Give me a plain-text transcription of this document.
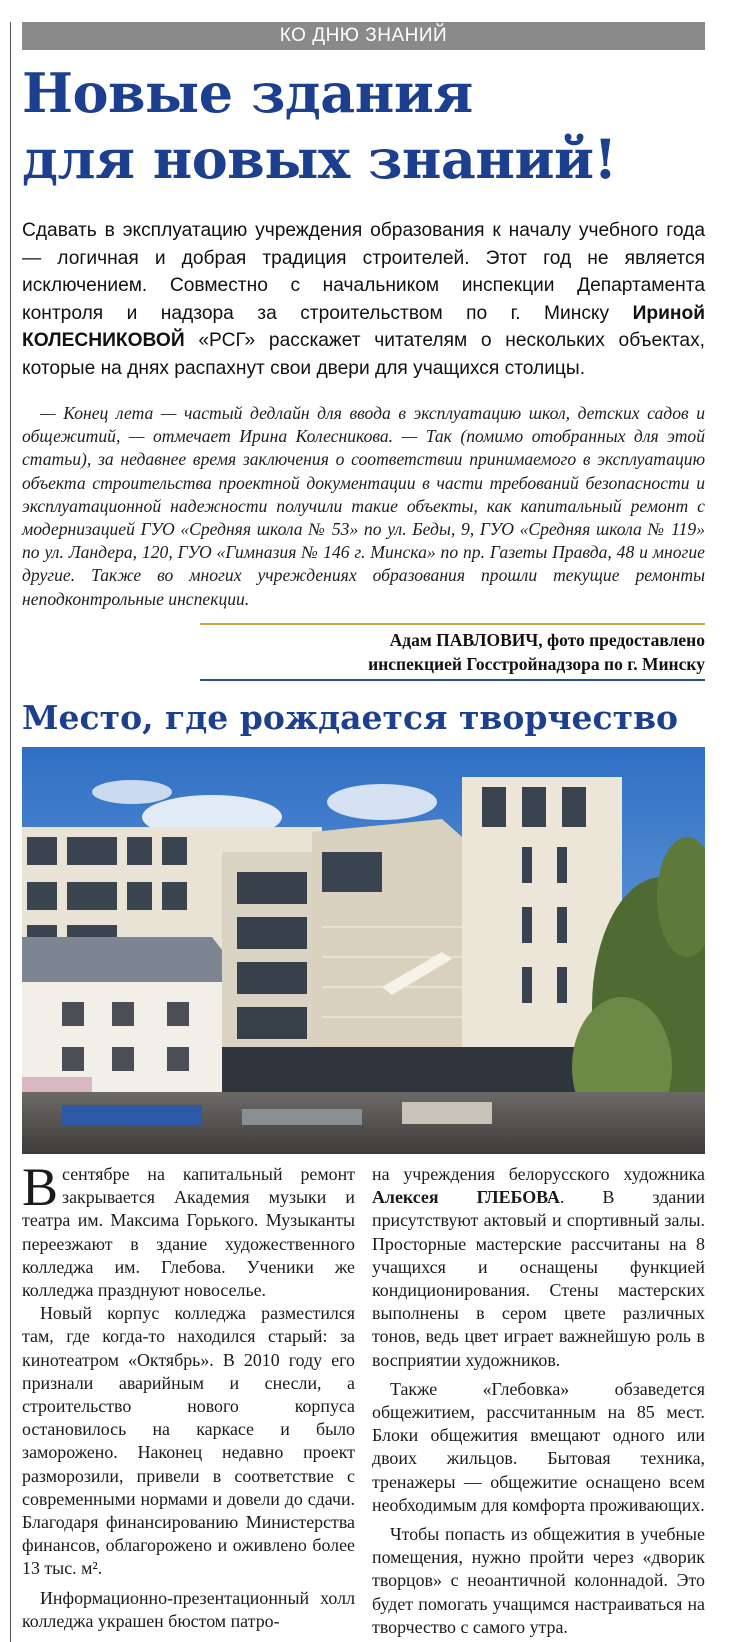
КО ДНЮ ЗНАНИЙ
Новые здания
для новых знаний!

Сдавать в эксплуатацию учреждения образования к началу учебного года — логичная и добрая традиция строителей. Этот год не является исключением. Совместно с начальником инспекции Департамента контроля и надзора за строительством по г. Минску Ириной КОЛЕСНИКОВОЙ «РСГ» расскажет читателям о нескольких объектах, которые на днях распахнут свои двери для учащихся столицы.

— Конец лета — частый дедлайн для ввода в эксплуатацию школ, детских садов и общежитий, — отмечает Ирина Колесникова. — Так (помимо отобранных для этой статьи), за недавнее время заключения о соответствии принимаемого в эксплуатацию объекта строительства проектной документации в части требований безопасности и эксплуатационной надежности получили такие объекты, как капитальный ремонт с модернизацией ГУО «Средняя школа № 53» по ул. Беды, 9, ГУО «Средняя школа № 119» по ул. Ландера, 120, ГУО «Гимназия № 146 г. Минска» по пр. Газеты Правда, 48 и многие другие. Также во многих учреждениях образования прошли текущие ремонты неподконтрольные инспекции.

Адам ПАВЛОВИЧ, фото предоставлено
инспекцией Госстройнадзора по г. Минску

Место, где рождается творчество

В сентябре на капитальный ремонт закрывается Академия музыки и театра им. Максима Горького. Музыканты переезжают в здание художественного колледжа им. Глебова. Ученики же колледжа празднуют новоселье.

Новый корпус колледжа разместился там, где когда-то находился старый: за кинотеатром «Октябрь». В 2010 году его признали аварийным и снесли, а строительство нового корпуса остановилось на каркасе и было заморожено. Наконец недавно проект разморозили, привели в соответствие с современными нормами и довели до сдачи. Благодаря финансированию Министерства финансов, облагорожено и оживлено более 13 тыс. м².

Информационно-презентационный холл колледжа украшен бюстом патро-

на учреждения белорусского художника Алексея ГЛЕБОВА. В здании присутствуют актовый и спортивный залы. Просторные мастерские рассчитаны на 8 учащихся и оснащены функцией кондиционирования. Стены мастерских выполнены в сером цвете различных тонов, ведь цвет играет важнейшую роль в восприятии художников.

Также «Глебовка» обзаведется общежитием, рассчитанным на 85 мест. Блоки общежития вмещают одного или двоих жильцов. Бытовая техника, тренажеры — общежитие оснащено всем необходимым для комфорта проживающих.

Чтобы попасть из общежития в учебные помещения, нужно пройти через «дворик творцов» с неоантичной колоннадой. Это будет помогать учащимся настраиваться на творчество с самого утра.
